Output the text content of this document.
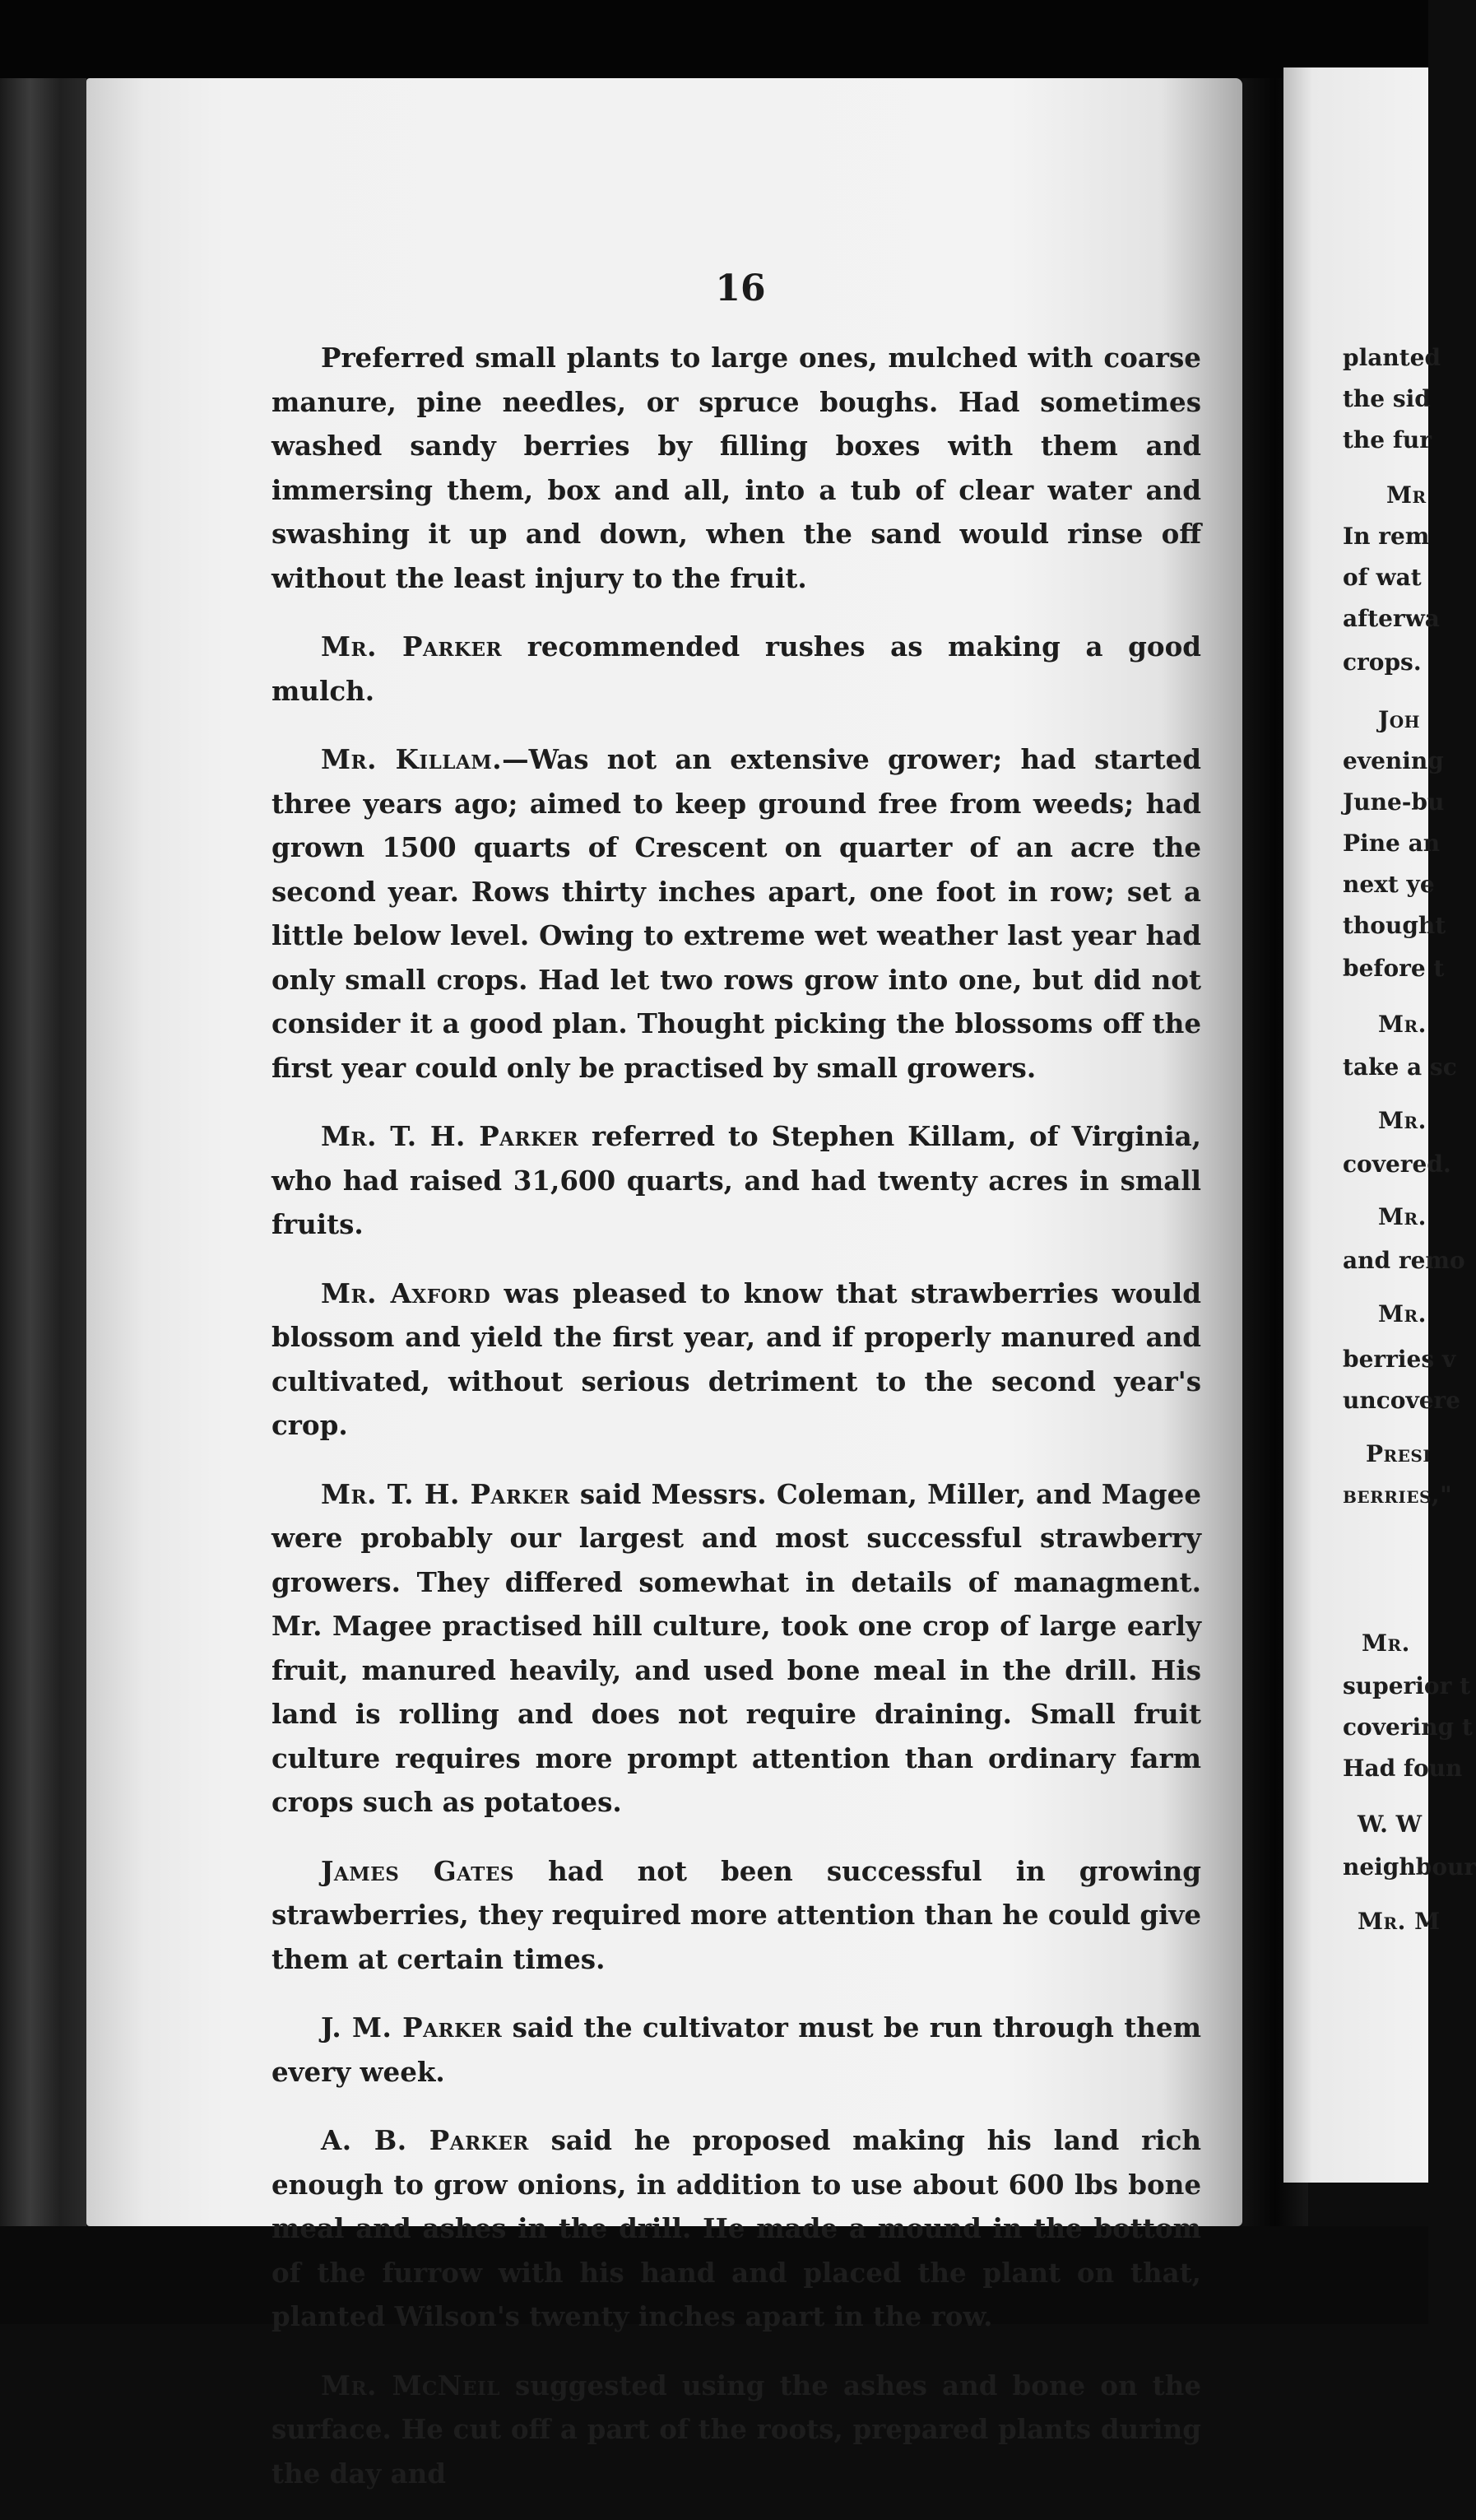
16

Preferred small plants to large ones, mulched with coarse manure, pine needles, or spruce boughs. Had sometimes washed sandy berries by filling boxes with them and immersing them, box and all, into a tub of clear water and swashing it up and down, when the sand would rinse off without the least injury to the fruit.

Mr. Parker recommended rushes as making a good mulch.

Mr. Killam.—Was not an extensive grower; had started three years ago; aimed to keep ground free from weeds; had grown 1500 quarts of Crescent on quarter of an acre the second year. Rows thirty inches apart, one foot in row; set a little below level. Owing to extreme wet weather last year had only small crops. Had let two rows grow into one, but did not consider it a good plan. Thought picking the blossoms off the first year could only be practised by small growers.

Mr. T. H. Parker referred to Stephen Killam, of Virginia, who had raised 31,600 quarts, and had twenty acres in small fruits.

Mr. Axford was pleased to know that strawberries would blossom and yield the first year, and if properly manured and cultivated, without serious detriment to the second year's crop.

Mr. T. H. Parker said Messrs. Coleman, Miller, and Magee were probably our largest and most successful strawberry growers. They differed somewhat in details of managment. Mr. Magee practised hill culture, took one crop of large early fruit, manured heavily, and used bone meal in the drill. His land is rolling and does not require draining. Small fruit culture requires more prompt attention than ordinary farm crops such as potatoes.

James Gates had not been successful in growing strawberries, they required more attention than he could give them at certain times.

J. M. Parker said the cultivator must be run through them every week.

A. B. Parker said he proposed making his land rich enough to grow onions, in addition to use about 600 lbs bone meal and ashes in the drill. He made a mound in the bottom of the furrow with his hand and placed the plant on that, planted Wilson's twenty inches apart in the row.

Mr. McNeil suggested using the ashes and bone on the surface. He cut off a part of the roots, prepared plants during the day and

planted
the sid
the fur
Mr
In rem
of wat
afterwa
crops.
Joh
evening
June-bu
Pine an
next ye
thought
before t
Mr.
take a sc
Mr.
covered.
Mr.
and remo
Mr.
berries v
uncovere
Presi
berries,"
Mr.
superior t
covering t
Had foun
W. W
neighbour
Mr. M
